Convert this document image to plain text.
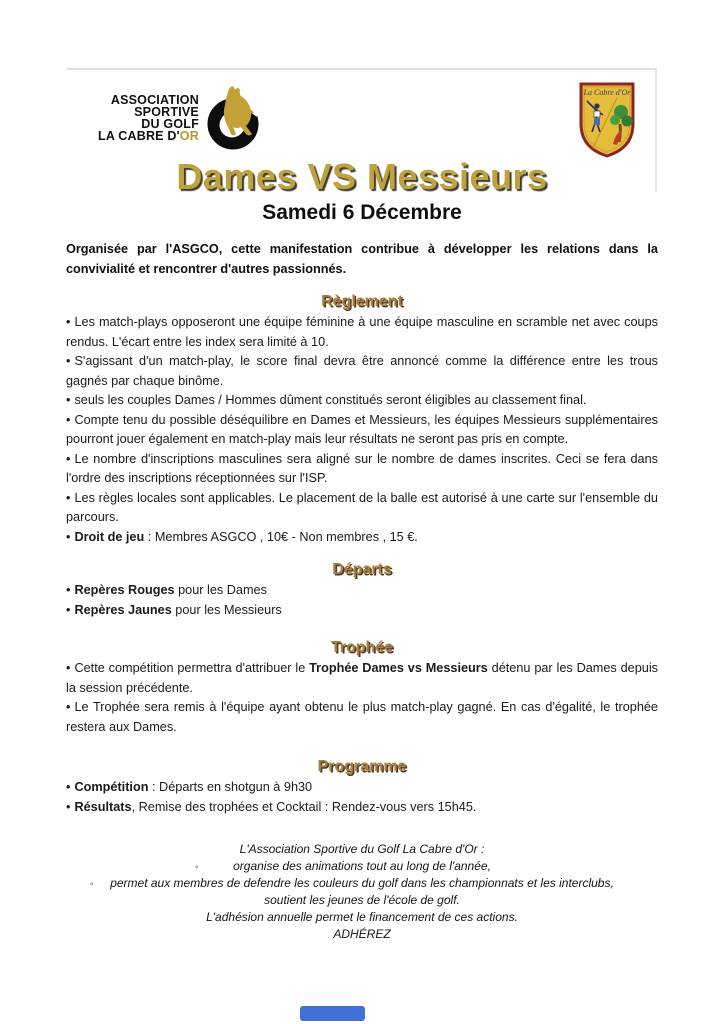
ASSOCIATION
SPORTIVE
DU GOLF
LA CABRE D'OR
La Cabre d'Or
Dames VS Messieurs
Samedi 6 Décembre

Organisée par l'ASGCO, cette manifestation contribue à développer les relations dans la convivialité et rencontrer d'autres passionnés.

Règlement

• Les match-plays opposeront une équipe féminine à une équipe masculine en scramble net avec coups rendus. L'écart entre les index sera limité à 10.

• S'agissant d'un match-play, le score final devra être annoncé comme la différence entre les trous gagnés par chaque binôme.

• seuls les couples Dames / Hommes dûment constitués seront éligibles au classement final.

• Compte tenu du possible déséquilibre en Dames et Messieurs, les équipes Messieurs supplémentaires pourront jouer également en match-play mais leur résultats ne seront pas pris en compte.

• Le nombre d'inscriptions masculines sera aligné sur le nombre de dames inscrites. Ceci se fera dans l'ordre des inscriptions réceptionnées sur l'ISP.

• Les règles locales sont applicables. Le placement de la balle est autorisé à une carte sur l'ensemble du parcours.

• Droit de jeu : Membres ASGCO , 10€ - Non membres , 15 €.

Départs

• Repères Rouges pour les Dames

• Repères Jaunes pour les Messieurs

Trophée

• Cette compétition permettra d'attribuer le Trophée Dames vs Messieurs détenu par les Dames depuis la session précédente.

• Le Trophée sera remis à l'équipe ayant obtenu le plus match-play gagné. En cas d'égalité, le trophée restera aux Dames.

Programme

• Compétition : Départs en shotgun à 9h30

• Résultats, Remise des trophées et Cocktail : Rendez-vous vers 15h45.

L'Association Sportive du Golf La Cabre d'Or :
◦	organise des animations tout au long de l'année,
◦ permet aux membres de defendre les couleurs du golf dans les championnats et les interclubs,
soutient les jeunes de l'école de golf.
L'adhésion annuelle permet le financement de ces actions.
ADHÉREZ
